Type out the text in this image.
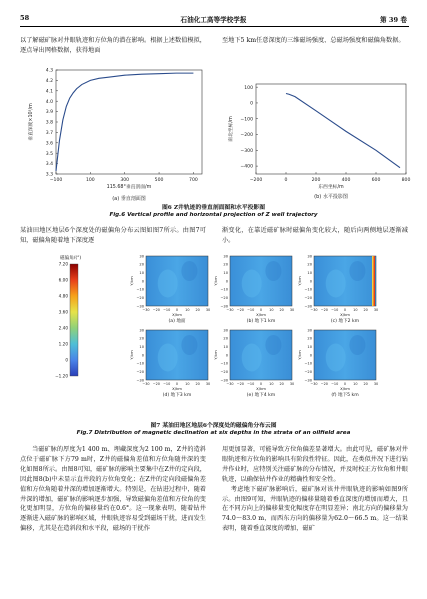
58	石油化工高等学校学报	第 39 卷
以了解磁矿脉对井眼轨迹和方位角的潜在影响。根据上述数值模拟，逐点导出网格数据，获得地面
至地下5 km任意深度的三维磁场强度、总磁场强度和磁偏角数据。
3.3
3.4
3.5
3.6
3.7
3.8
3.9
4.0
4.1
4.2
4.3
−100	100	300	500	700
115.68°垂直剖面/m
垂直深度×10³/m
(a) 垂直剖面图
100
0
−100
−200
−300
−400
−200	0	200	400	600	800
东西坐标/m
南北坐标/m
(b) 水平投影图
图6 Z井轨迹的垂直剖面图和水平投影图
Fig.6 Vertical profile and horizontal projection of Z well trajectory
某油田地区地层6个深度处的磁偏角分布云图如图7所示。由图7可知，磁偏角随着地下深度逐
渐变化，在靠近磁矿脉时磁偏角变化较大，随后向两侧地层逐渐减小。
磁偏角/(°)
7.20
6.00
4.80
3.60
2.40
1.20
0
−1.20
30
20
10
0
−10
−20
−30
−30 −20 −10 0 10 20 30
X/km
Y/km
(a) 地面
30
20
10
0
−10
−20
−30
−30 −20 −10 0 10 20 30
X/km
Y/km
(b) 地下1 km
30
20
10
0
−10
−20
−30
−30 −20 −10 0 10 20 30
X/km
Y/km
(c) 地下2 km
30
20
10
0
−10
−20
−30
−30 −20 −10 0 10 20 30
X/km
Y/km
(d) 地下3 km
30
20
10
0
−10
−20
−30
−30 −20 −10 0 10 20 30
X/km
Y/km
(e) 地下4 km
30
20
10
0
−10
−20
−30
−30 −20 −10 0 10 20 30
X/km
Y/km
(f) 地下5 km
图7 某油田地区地层6个深度处的磁偏角分布云图
Fig.7 Distribution of magnetic declination at six depths in the strata of an oilfield area
当磁矿脉的厚度为1 400 m、埋藏深度为2 100 m，Z井的造斜点位于磁矿脉下方79 m时，Z井的磁偏角差值和方位角随井深的变化如图8所示。由图8可知，磁矿脉的影响主要集中在Z井的定向段，因此图8(b)中未显示直井段的方位角变化；在Z井的定向段磁偏角差值和方位角随着井深的增加逐渐增大。特别是，在钻进过程中，随着井深的增加，磁矿脉的影响逐步加强，导致磁偏角差值和方位角的变化更加明显，方位角的偏移量约在0.6°。这一现象表明，随着钻井逐渐进入磁矿脉的影响区域，井眼轨迹容易受到磁场干扰，进而发生偏移，尤其是在造斜段和水平段，磁场的干扰作
用更加显著，可能导致方位角偏差显著增大。由此可见，磁矿脉对井眼轨迹和方位角的影响具有阶段性特征。因此，在类似井况下进行钻井作业时，应特别关注磁矿脉的分布情况，并及时校正方位角和井眼轨迹，以确保钻井作业的精确性和安全性。
考虑地下磁矿脉影响后，磁矿脉对该井井眼轨迹的影响如图9所示。由图9可知，井眼轨迹的偏移量随着垂直深度的增加而增大，且在不同方向上的偏移量变化幅度存在明显差异；南北方向的偏移量为74.0～83.0 m，而西东方向的偏移量为62.0～66.5 m。这一结果表明，随着垂直深度的增加，磁矿
